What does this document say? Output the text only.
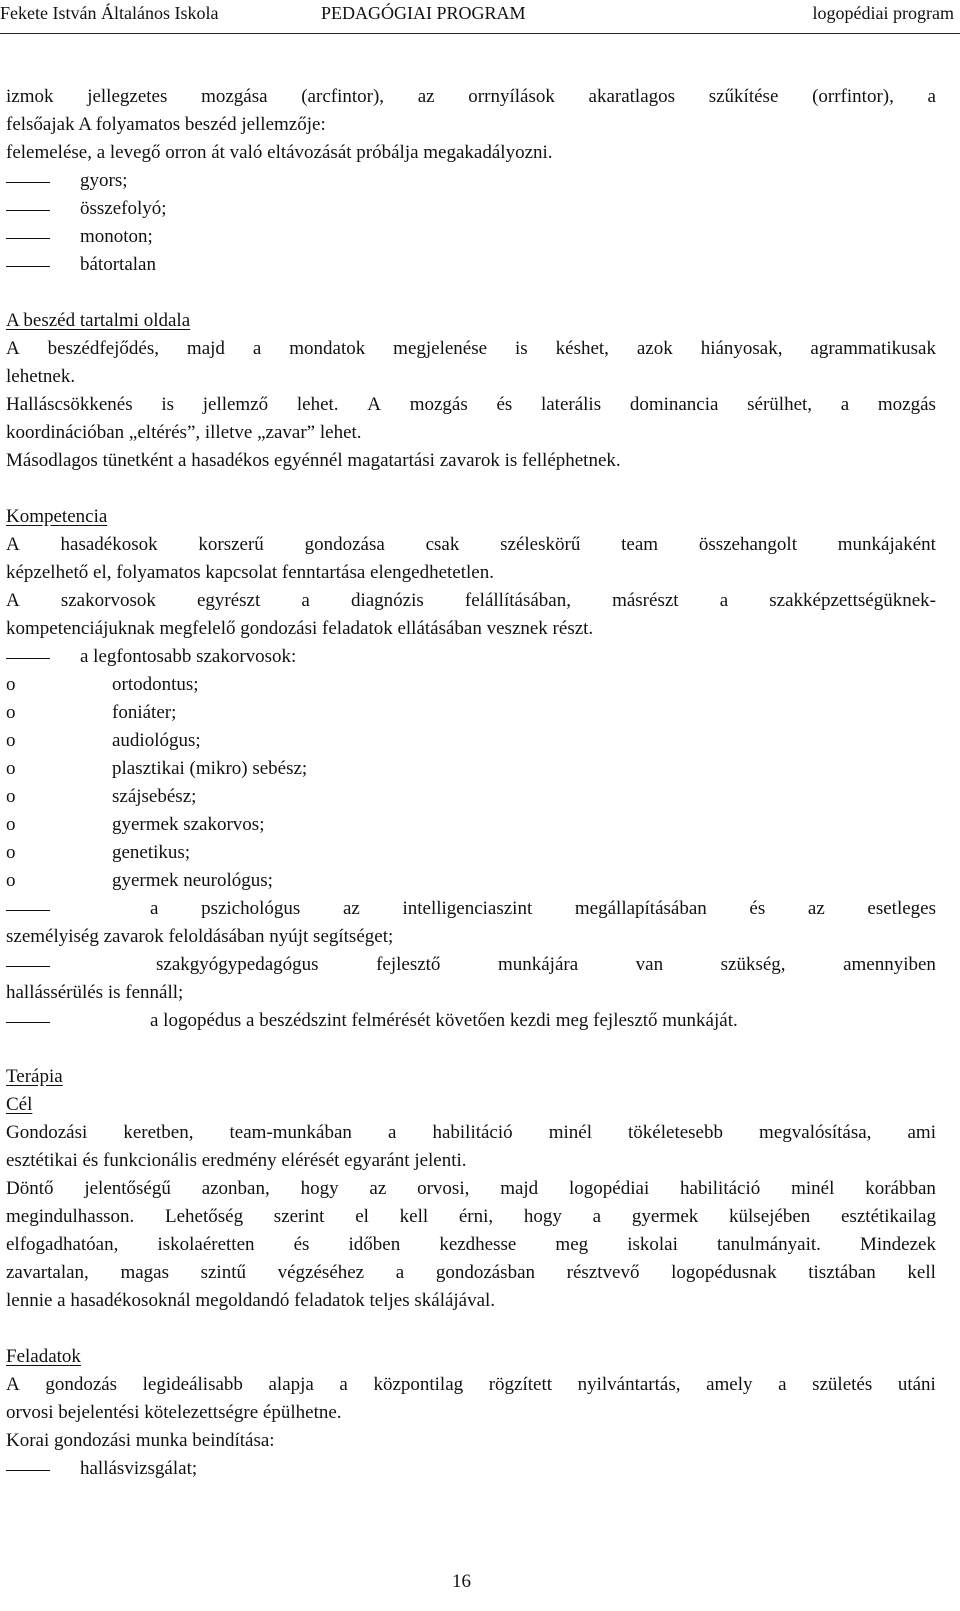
Fekete István Általános Iskola	PEDAGÓGIAI PROGRAM	logopédiai program
izmok jellegzetes mozgása (arcfintor), az orrnyílások akaratlagos szűkítése (orrfintor), a
felsőajak A folyamatos beszéd jellemzője:
felemelése, a levegő orron át való eltávozását próbálja megakadályozni.
gyors;
összefolyó;
monoton;
bátortalan
A beszéd tartalmi oldala
A beszédfejődés, majd a mondatok megjelenése is késhet, azok hiányosak, agrammatikusak
lehetnek.
Halláscsökkenés is jellemző lehet. A mozgás és laterális dominancia sérülhet, a mozgás
koordinációban „eltérés”, illetve „zavar” lehet.
Másodlagos tünetként a hasadékos egyénnél magatartási zavarok is felléphetnek.
Kompetencia
A hasadékosok korszerű gondozása csak széleskörű team összehangolt munkájaként
képzelhető el, folyamatos kapcsolat fenntartása elengedhetetlen.
A szakorvosok egyrészt a diagnózis felállításában, másrészt a szakképzettségüknek-
kompetenciájuknak megfelelő gondozási feladatok ellátásában vesznek részt.
a legfontosabb szakorvosok:
o	ortodontus;
o	foniáter;
o	audiológus;
o	plasztikai (mikro) sebész;
o	szájsebész;
o	gyermek szakorvos;
o	genetikus;
o	gyermek neurológus;
a pszichológus az intelligenciaszint megállapításában és az esetleges
személyiség zavarok feloldásában nyújt segítséget;
szakgyógypedagógus	fejlesztő	munkájára	van	szükség,	amennyiben
hallássérülés is fennáll;
a logopédus a beszédszint felmérését követően kezdi meg fejlesztő munkáját.
Terápia
Cél
Gondozási keretben, team-munkában a habilitáció minél tökéletesebb megvalósítása, ami
esztétikai és funkcionális eredmény elérését egyaránt jelenti.
Döntő jelentőségű azonban, hogy az orvosi, majd logopédiai habilitáció minél korábban
megindulhasson. Lehetőség szerint el kell érni, hogy a gyermek külsejében esztétikailag
elfogadhatóan, iskolaéretten és időben kezdhesse meg iskolai tanulmányait. Mindezek
zavartalan, magas szintű végzéséhez a gondozásban résztvevő logopédusnak tisztában kell
lennie a hasadékosoknál megoldandó feladatok teljes skálájával.
Feladatok
A gondozás legideálisabb alapja a központilag rögzített nyilvántartás, amely a születés utáni
orvosi bejelentési kötelezettségre épülhetne.
Korai gondozási munka beindítása:
hallásvizsgálat;
16
